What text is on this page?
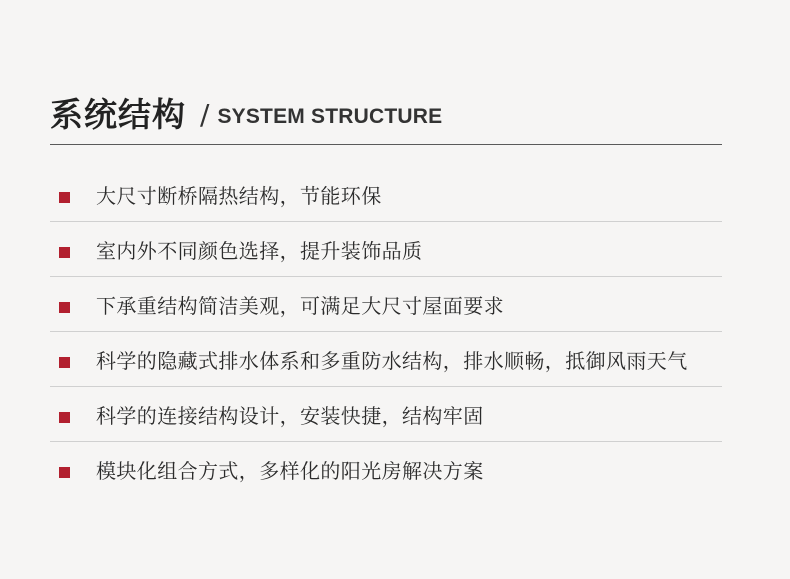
系统结构 / SYSTEM STRUCTURE
大尺寸断桥隔热结构，节能环保
室内外不同颜色选择，提升装饰品质
下承重结构简洁美观，可满足大尺寸屋面要求
科学的隐藏式排水体系和多重防水结构，排水顺畅，抵御风雨天气
科学的连接结构设计，安装快捷，结构牢固
模块化组合方式，多样化的阳光房解决方案
